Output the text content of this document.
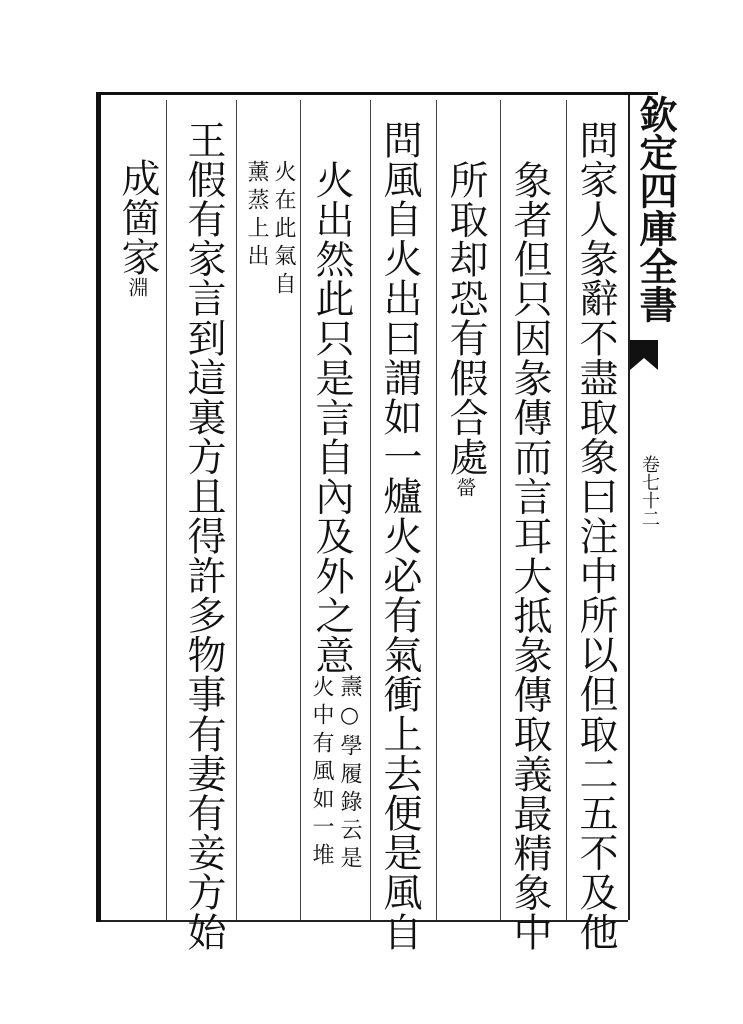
欽定四庫全書
卷七十二
問家人彖辭不盡取象曰注中所以但取二五不及他
象者但只因彖傳而言耳大抵彖傳取義最精象中
所取却恐有假合處㽦
問風自火出曰謂如一爐火必有氣衝上去便是風自
火出然此只是言自內及外之意
燾○學履錄云是
火中有風如一堆
火在此氣自
薰蒸上出
王假有家言到這裏方且得許多物事有妻有妾方始
成箇家淵
